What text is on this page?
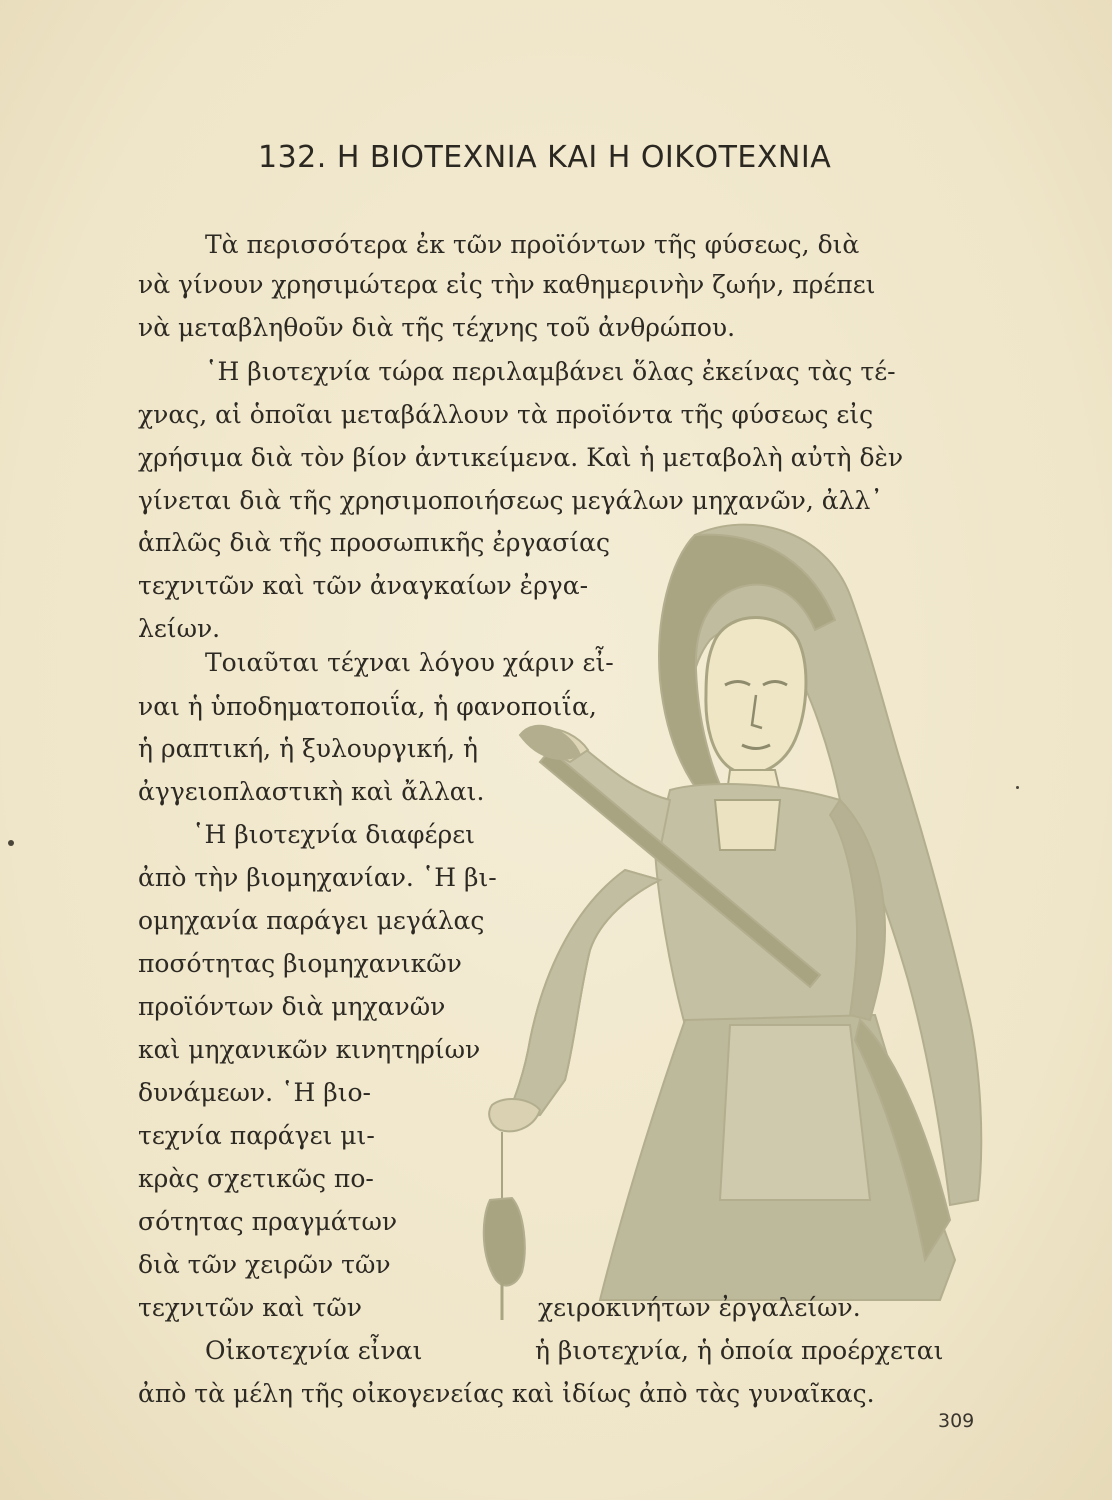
132. Η ΒΙΟΤΕΧΝΙΑ ΚΑΙ Η ΟΙΚΟΤΕΧΝΙΑ
Τὰ περισσότερα ἐκ τῶν προϊόντων τῆς φύσεως, διὰ
νὰ γίνουν χρησιμώτερα εἰς τὴν καθημερινὴν ζωήν, πρέπει
νὰ μεταβληθοῦν διὰ τῆς τέχνης τοῦ ἀνθρώπου.
῾Η βιοτεχνία τώρα περιλαμβάνει ὅλας ἐκείνας τὰς τέ-
χνας, αἱ ὁποῖαι μεταβάλλουν τὰ προϊόντα τῆς φύσεως εἰς
χρήσιμα διὰ τὸν βίον ἀντικείμενα. Καὶ ἡ μεταβολὴ αὐτὴ δὲν
γίνεται διὰ τῆς χρησιμοποιήσεως μεγάλων μηχανῶν, ἀλλ᾽
ἁπλῶς διὰ τῆς προσωπικῆς ἐργασίας
τεχνιτῶν καὶ τῶν ἀναγκαίων ἐργα-
λείων.
Τοιαῦται τέχναι λόγου χάριν εἶ-
ναι ἡ ὑποδηματοποιΐα, ἡ φανοποιΐα,
ἡ ραπτική, ἡ ξυλουργική, ἡ
ἀγγειοπλαστικὴ καὶ ἄλλαι.
῾Η βιοτεχνία διαφέρει
ἀπὸ τὴν βιομηχανίαν. ῾Η βι-
ομηχανία παράγει μεγάλας
ποσότητας βιομηχανικῶν
προϊόντων διὰ μηχανῶν
καὶ μηχανικῶν κινητηρίων
δυνάμεων. ῾Η βιο-
τεχνία παράγει μι-
κρὰς σχετικῶς πο-
σότητας πραγμάτων
διὰ τῶν χειρῶν τῶν
τεχνιτῶν καὶ τῶν	χειροκινήτων ἐργαλείων.
Οἰκοτεχνία εἶναι	ἡ βιοτεχνία, ἡ ὁποία προέρχεται
ἀπὸ τὰ μέλη τῆς οἰκογενείας καὶ ἰδίως ἀπὸ τὰς γυναῖκας.
309
